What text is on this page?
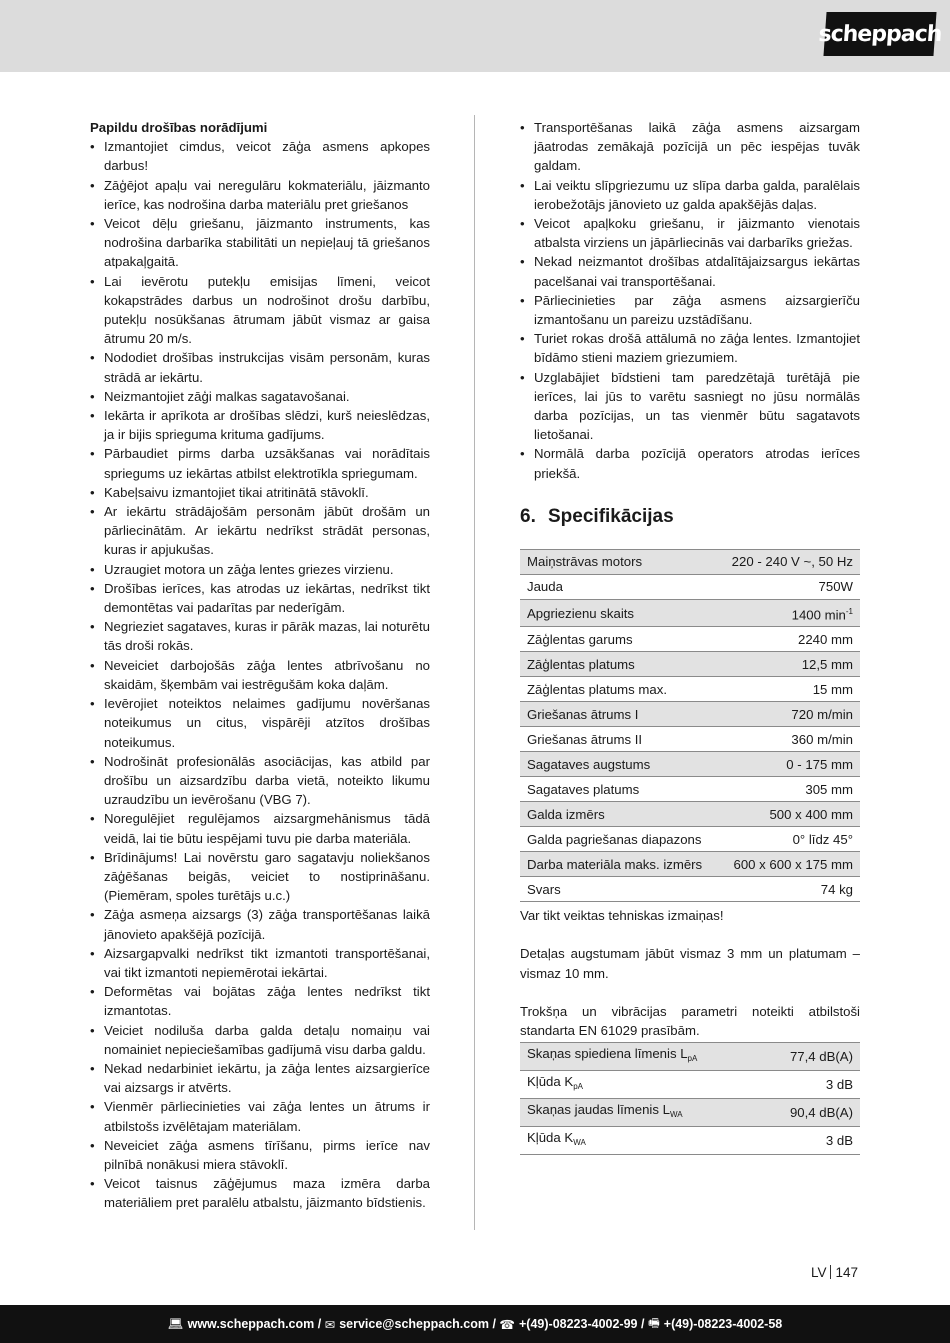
scheppach

Papildu drošības norādījumi

• Izmantojiet cimdus, veicot zāģa asmens apkopes darbus!
• Zāģējot apaļu vai neregulāru kokmateriālu, jāizmanto ierīce, kas nodrošina darba materiālu pret griešanos
• Veicot dēļu griešanu, jāizmanto instruments, kas nodrošina darbarīka stabilitāti un nepieļauj tā griešanos atpakaļgaitā.
• Lai ievērotu putekļu emisijas līmeni, veicot kokapstrādes darbus un nodrošinot drošu darbību, putekļu nosūkšanas ātrumam jābūt vismaz ar gaisa ātrumu 20 m/s.
• Nododiet drošības instrukcijas visām personām, kuras strādā ar iekārtu.
• Neizmantojiet zāģi malkas sagatavošanai.
• Iekārta ir aprīkota ar drošības slēdzi, kurš neieslēdzas, ja ir bijis sprieguma krituma gadījums.
• Pārbaudiet pirms darba uzsākšanas vai norādītais spriegums uz iekārtas atbilst elektrotīkla spriegumam.
• Kabeļsaivu izmantojiet tikai atritinātā stāvoklī.
• Ar iekārtu strādājošām personām jābūt drošām un pārliecinātām. Ar iekārtu nedrīkst strādāt personas, kuras ir apjukušas.
• Uzraugiet motora un zāģa lentes griezes virzienu.
• Drošības ierīces, kas atrodas uz iekārtas, nedrīkst tikt demontētas vai padarītas par nederīgām.
• Negrieziet sagataves, kuras ir pārāk mazas, lai noturētu tās droši rokās.
• Neveiciet darbojošās zāģa lentes atbrīvošanu no skaidām, šķembām vai iestrēgušām koka daļām.
• Ievērojiet noteiktos nelaimes gadījumu novēršanas noteikumus un citus, vispārēji atzītos drošības noteikumus.
• Nodrošināt profesionālās asociācijas, kas atbild par drošību un aizsardzību darba vietā, noteikto likumu uzraudzību un ievērošanu (VBG 7).
• Noregulējiet regulējamos aizsargmehānismus tādā veidā, lai tie būtu iespējami tuvu pie darba materiāla.
• Brīdinājums! Lai novērstu garo sagatavju noliekšanos zāģēšanas beigās, veiciet to nostiprināšanu. (Piemēram, spoles turētājs u.c.)
• Zāģa asmeņa aizsargs (3) zāģa transportēšanas laikā jānovieto apakšējā pozīcijā.
• Aizsargapvalki nedrīkst tikt izmantoti transportēšanai, vai tikt izmantoti nepiemērotai iekārtai.
• Deformētas vai bojātas zāģa lentes nedrīkst tikt izmantotas.
• Veiciet nodiluša darba galda detaļu nomaiņu vai nomainiet nepieciešamības gadījumā visu darba galdu.
• Nekad nedarbiniet iekārtu, ja zāģa lentes aizsargierīce vai aizsargs ir atvērts.
• Vienmēr pārliecinieties vai zāģa lentes un ātrums ir atbilstošs izvēlētajam materiālam.
• Neveiciet zāģa asmens tīrīšanu, pirms ierīce nav pilnībā nonākusi miera stāvoklī.
• Veicot taisnus zāģējumus maza izmēra darba materiāliem pret paralēlu atbalstu, jāizmanto bīdstienis.
• Transportēšanas laikā zāģa asmens aizsargam jāatrodas zemākajā pozīcijā un pēc iespējas tuvāk galdam.
• Lai veiktu slīpgriezumu uz slīpa darba galda, paralēlais ierobežotājs jānovieto uz galda apakšējās daļas.
• Veicot apaļkoku griešanu, ir jāizmanto vienotais atbalsta virziens un jāpārliecinās vai darbarīks griežas.
• Nekad neizmantot drošības atdalītājaizsargus iekārtas pacelšanai vai transportēšanai.
• Pārliecinieties par zāģa asmens aizsargierīču izmantošanu un pareizu uzstādīšanu.
• Turiet rokas drošā attālumā no zāģa lentes. Izmantojiet bīdāmo stieni maziem griezumiem.
• Uzglabājiet bīdstieni tam paredzētajā turētājā pie ierīces, lai jūs to varētu sasniegt no jūsu normālās darba pozīcijas, un tas vienmēr būtu sagatavots lietošanai.
• Normālā darba pozīcijā operators atrodas ierīces priekšā.
6. Specifikācijas
Maiņstrāvas motors	220 - 240 V ~, 50 Hz
Jauda	750W
Apgriezienu skaits	1400 $\min^{-1}$
Zāģlentas garums	2240 mm
Zāģlentas platums	12,5 mm
Zāģlentas platums max.	15 mm
Griešanas ātrums I	720 m/min
Griešanas ātrums II	360 m/min
Sagataves augstums	0 - 175 mm
Sagataves platums	305 mm
Galda izmērs	500 x 400 mm
Galda pagriešanas diapazons	0° līdz 45°
Darba materiāla maks. izmērs	600 x 600 x 175 mm
Svars	74 kg

Var tikt veiktas tehniskas izmaiņas!

Detaļas augstumam jābūt vismaz 3 mm un platumam – vismaz 10 mm.

Trokšņa un vibrācijas parametri noteikti atbilstoši standarta EN 61029 prasībām.

Skaņas spiediena līmenis $L_{pA}$	77,4 dB(A)
Kļūda $K_{pA}$	3 dB
Skaņas jaudas līmenis $L_{WA}$	90,4 dB(A)
Kļūda $K_{WA}$	3 dB
LV 147
💻︎ www.scheppach.com
/
✉︎ service@scheppach.com
/
☎︎ +(49)-08223-4002-99
/
🖷︎ +(49)-08223-4002-58
